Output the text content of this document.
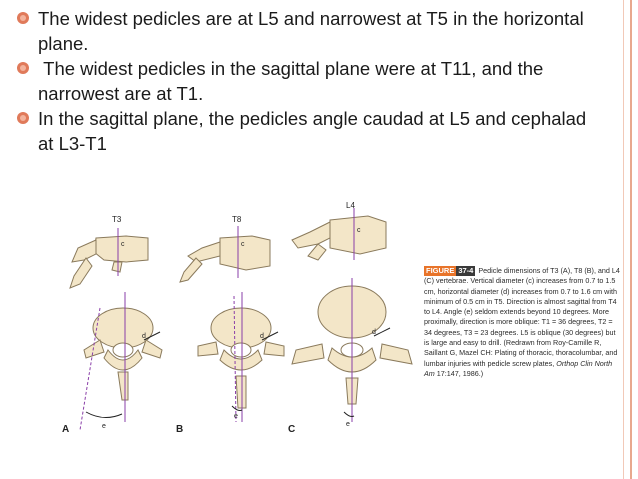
The widest pedicles are at L5 and narrowest at T5 in the horizontal plane.
The widest pedicles in the sagittal plane were at T11, and the narrowest are at T1.
In the sagittal plane, the pedicles angle caudad at L5 and cephalad at L3-T1
T3	T8
L4
c	c
c
d	d
d
e
e
e
A	B	C
FIGURE 37-4 Pedicle dimensions of T3 (A), T8 (B), and L4 (C) vertebrae. Vertical diameter (c) increases from 0.7 to 1.5 cm, horizontal diameter (d) increases from 0.7 to 1.6 cm with minimum of 0.5 cm in T5. Direction is almost sagittal from T4 to L4. Angle (e) seldom extends beyond 10 degrees. More proximally, direction is more oblique: T1 = 36 degrees, T2 = 34 degrees, T3 = 23 degrees. L5 is oblique (30 degrees) but is large and easy to drill. (Redrawn from Roy-Camille R, Saillant G, Mazel CH: Plating of thoracic, thoracolumbar, and lumbar injuries with pedicle screw plates, Orthop Clin North Am 17:147, 1986.)
